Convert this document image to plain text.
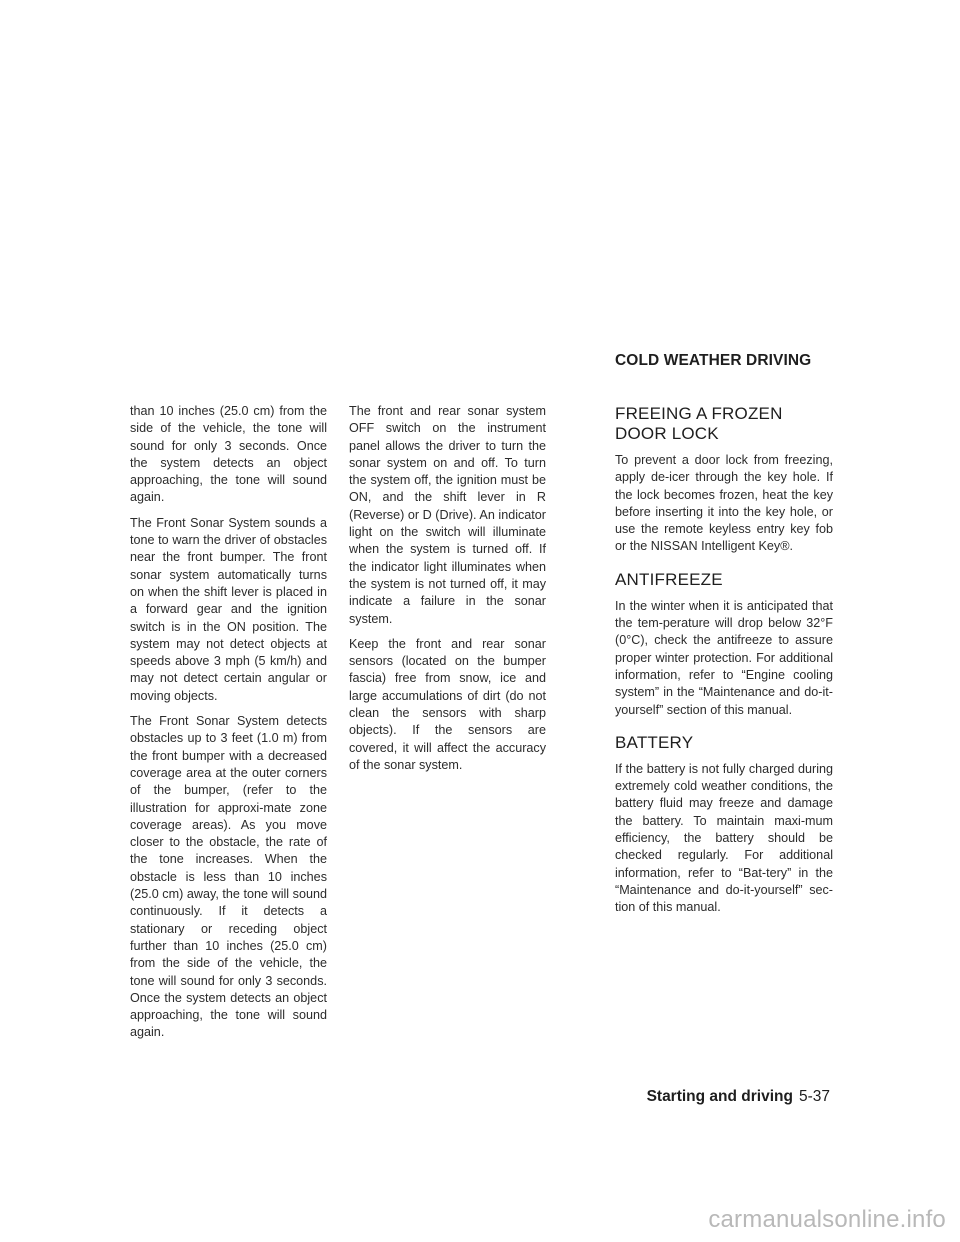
COLD WEATHER DRIVING

than 10 inches (25.0 cm) from the side of the vehicle, the tone will sound for only 3 seconds. Once the system detects an object approaching, the tone will sound again.

The Front Sonar System sounds a tone to warn the driver of obstacles near the front bumper. The front sonar system automatically turns on when the shift lever is placed in a forward gear and the ignition switch is in the ON position. The system may not detect objects at speeds above 3 mph (5 km/h) and may not detect certain angular or moving objects.

The Front Sonar System detects obstacles up to 3 feet (1.0 m) from the front bumper with a decreased coverage area at the outer corners of the bumper, (refer to the illustration for approxi-mate zone coverage areas). As you move closer to the obstacle, the rate of the tone increases. When the obstacle is less than 10 inches (25.0 cm) away, the tone will sound continuously. If it detects a stationary or receding object further than 10 inches (25.0 cm) from the side of the vehicle, the tone will sound for only 3 seconds. Once the system detects an object approaching, the tone will sound again.

The front and rear sonar system OFF switch on the instrument panel allows the driver to turn the sonar system on and off. To turn the system off, the ignition must be ON, and the shift lever in R (Reverse) or D (Drive). An indicator light on the switch will illuminate when the system is turned off. If the indicator light illuminates when the system is not turned off, it may indicate a failure in the sonar system.

Keep the front and rear sonar sensors (located on the bumper fascia) free from snow, ice and large accumulations of dirt (do not clean the sensors with sharp objects). If the sensors are covered, it will affect the accuracy of the sonar system.

FREEING A FROZEN DOOR LOCK

To prevent a door lock from freezing, apply de-icer through the key hole. If the lock becomes frozen, heat the key before inserting it into the key hole, or use the remote keyless entry key fob or the NISSAN Intelligent Key®.

ANTIFREEZE

In the winter when it is anticipated that the tem-perature will drop below 32°F (0°C), check the antifreeze to assure proper winter protection. For additional information, refer to “Engine cooling system” in the “Maintenance and do-it-yourself” section of this manual.

BATTERY

If the battery is not fully charged during extremely cold weather conditions, the battery fluid may freeze and damage the battery. To maintain maxi-mum efficiency, the battery should be checked regularly. For additional information, refer to “Bat-tery” in the “Maintenance and do-it-yourself” sec-tion of this manual.

Starting and driving 5-37
carmanualsonline.info
